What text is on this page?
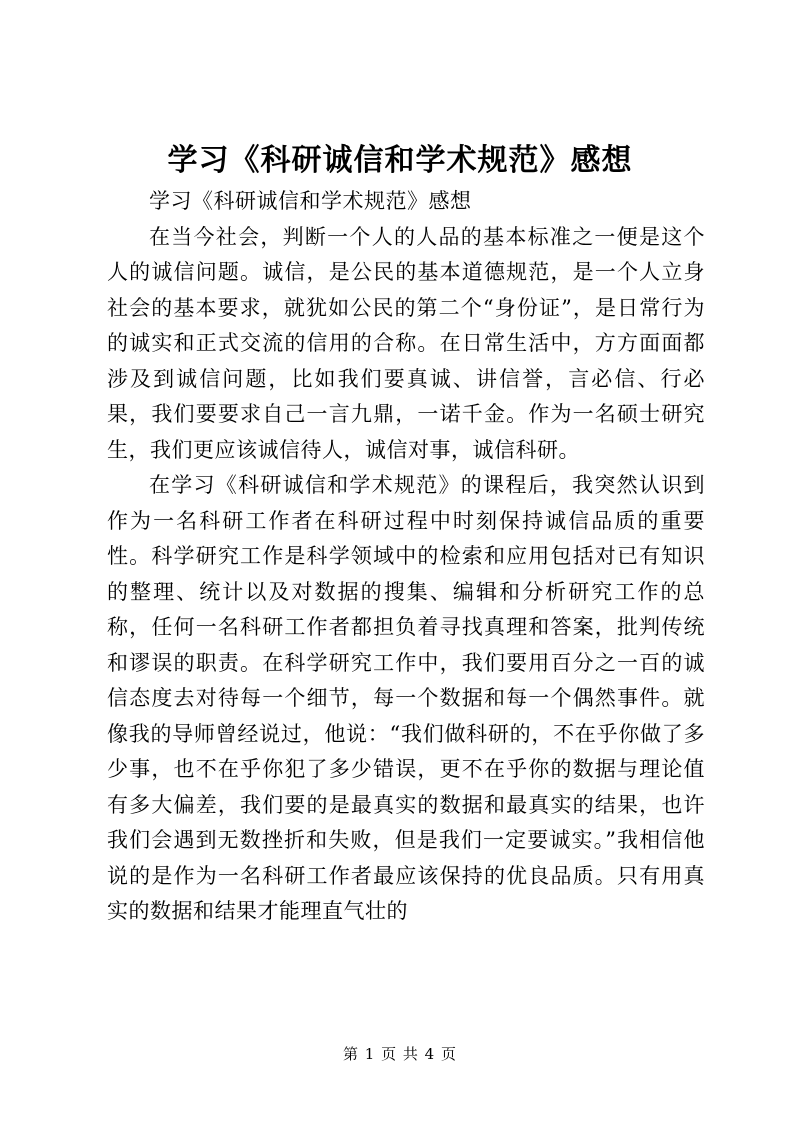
学习《科研诚信和学术规范》感想

学习《科研诚信和学术规范》感想

在当今社会，判断一个人的人品的基本标准之一便是这个人的诚信问题。诚信，是公民的基本道德规范，是一个人立身社会的基本要求，就犹如公民的第二个“身份证”，是日常行为的诚实和正式交流的信用的合称。在日常生活中，方方面面都涉及到诚信问题，比如我们要真诚、讲信誉，言必信、行必果，我们要要求自己一言九鼎，一诺千金。作为一名硕士研究生，我们更应该诚信待人，诚信对事，诚信科研。

在学习《科研诚信和学术规范》的课程后，我突然认识到作为一名科研工作者在科研过程中时刻保持诚信品质的重要性。科学研究工作是科学领域中的检索和应用包括对已有知识的整理、统计以及对数据的搜集、编辑和分析研究工作的总称，任何一名科研工作者都担负着寻找真理和答案，批判传统和谬误的职责。在科学研究工作中，我们要用百分之一百的诚信态度去对待每一个细节，每一个数据和每一个偶然事件。就像我的导师曾经说过，他说：“我们做科研的，不在乎你做了多少事，也不在乎你犯了多少错误，更不在乎你的数据与理论值有多大偏差，我们要的是最真实的数据和最真实的结果，也许我们会遇到无数挫折和失败，但是我们一定要诚实。”我相信他说的是作为一名科研工作者最应该保持的优良品质。只有用真实的数据和结果才能理直气壮的

第 1 页 共 4 页
